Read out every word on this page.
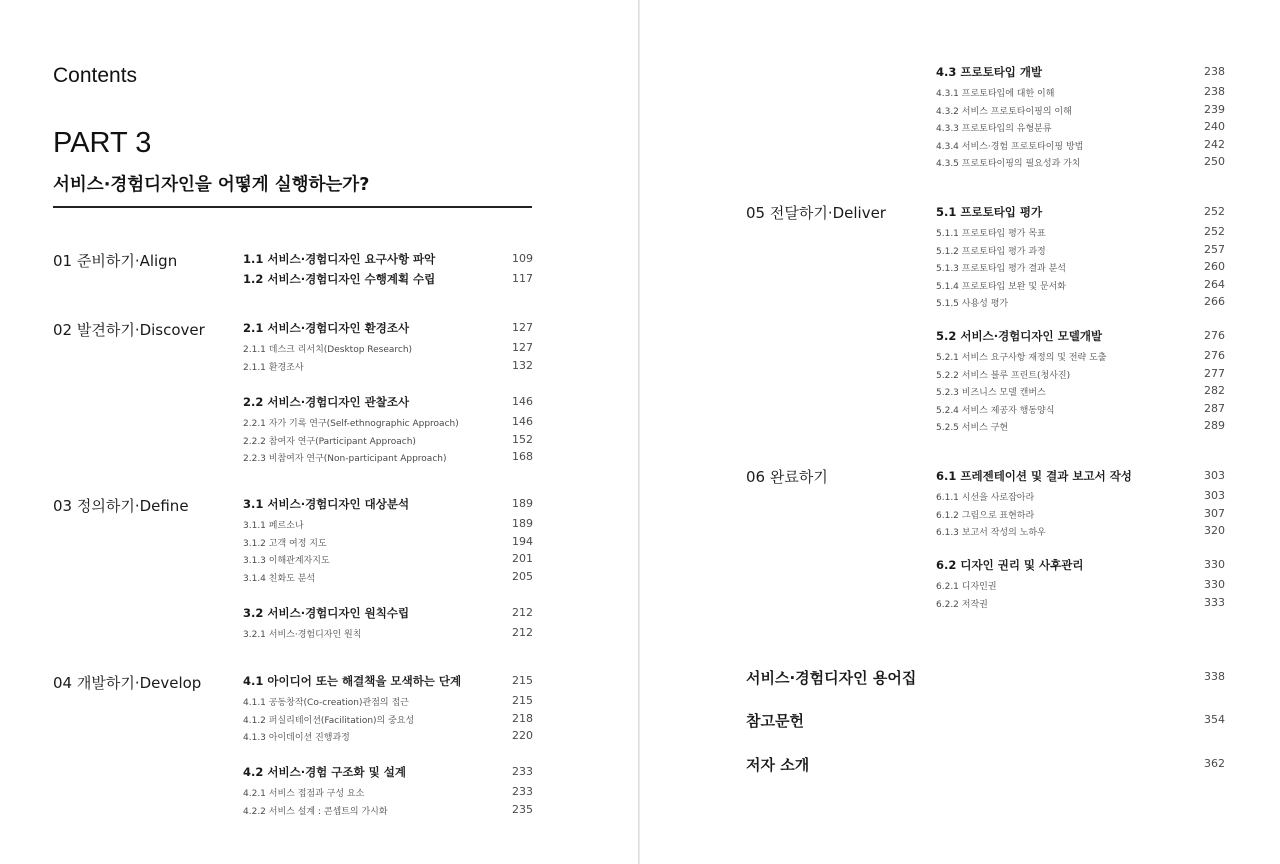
Contents
PART 3
서비스·경험디자인을 어떻게 실행하는가?
01 준비하기·Align	1.1 서비스·경험디자인 요구사항 파악	109
1.2 서비스·경험디자인 수행계획 수립	117
02 발견하기·Discover	2.1 서비스·경험디자인 환경조사	127
2.1.1 데스크 리서치(Desktop Research)	127
2.1.1 환경조사	132
2.2 서비스·경험디자인 관찰조사	146
2.2.1 자가 기록 연구(Self-ethnographic Approach)	146
2.2.2 참여자 연구(Participant Approach)	152
2.2.3 비참여자 연구(Non-participant Approach)	168
03 정의하기·Define	3.1 서비스·경험디자인 대상분석	189
3.1.1 페르소나	189
3.1.2 고객 여정 지도	194
3.1.3 이해관계자지도	201
3.1.4 친화도 분석	205
3.2 서비스·경험디자인 원칙수립	212
3.2.1 서비스·경험디자인 원칙	212
04 개발하기·Develop	4.1 아이디어 또는 해결책을 모색하는 단계	215
4.1.1 공동창작(Co-creation)관점의 접근	215
4.1.2 퍼실리테이션(Facilitation)의 중요성	218
4.1.3 아이데이션 진행과정	220
4.2 서비스·경험 구조화 및 설계	233
4.2.1 서비스 접점과 구성 요소	233
4.2.2 서비스 설계 : 콘셉트의 가시화	235
4.3 프로토타입 개발	238
4.3.1 프로토타입에 대한 이해	238
4.3.2 서비스 프로토타이핑의 이해	239
4.3.3 프로토타입의 유형분류	240
4.3.4 서비스·경험 프로토타이핑 방법	242
4.3.5 프로토타이핑의 필요성과 가치	250
05 전달하기·Deliver	5.1 프로토타입 평가	252
5.1.1 프로토타입 평가 목표	252
5.1.2 프로토타입 평가 과정	257
5.1.3 프로토타입 평가 결과 분석	260
5.1.4 프로토타입 보완 및 문서화	264
5.1.5 사용성 평가	266
5.2 서비스·경험디자인 모델개발	276
5.2.1 서비스 요구사항 재정의 및 전략 도출	276
5.2.2 서비스 블루 프린트(청사진)	277
5.2.3 비즈니스 모델 캔버스	282
5.2.4 서비스 제공자 행동양식	287
5.2.5 서비스 구현	289
06 완료하기	6.1 프레젠테이션 및 결과 보고서 작성	303
6.1.1 시선을 사로잡아라	303
6.1.2 그림으로 표현하라	307
6.1.3 보고서 작성의 노하우	320
6.2 디자인 권리 및 사후관리	330
6.2.1 디자인권	330
6.2.2 저작권	333
서비스·경험디자인 용어집	338
참고문헌	354
저자 소개	362
